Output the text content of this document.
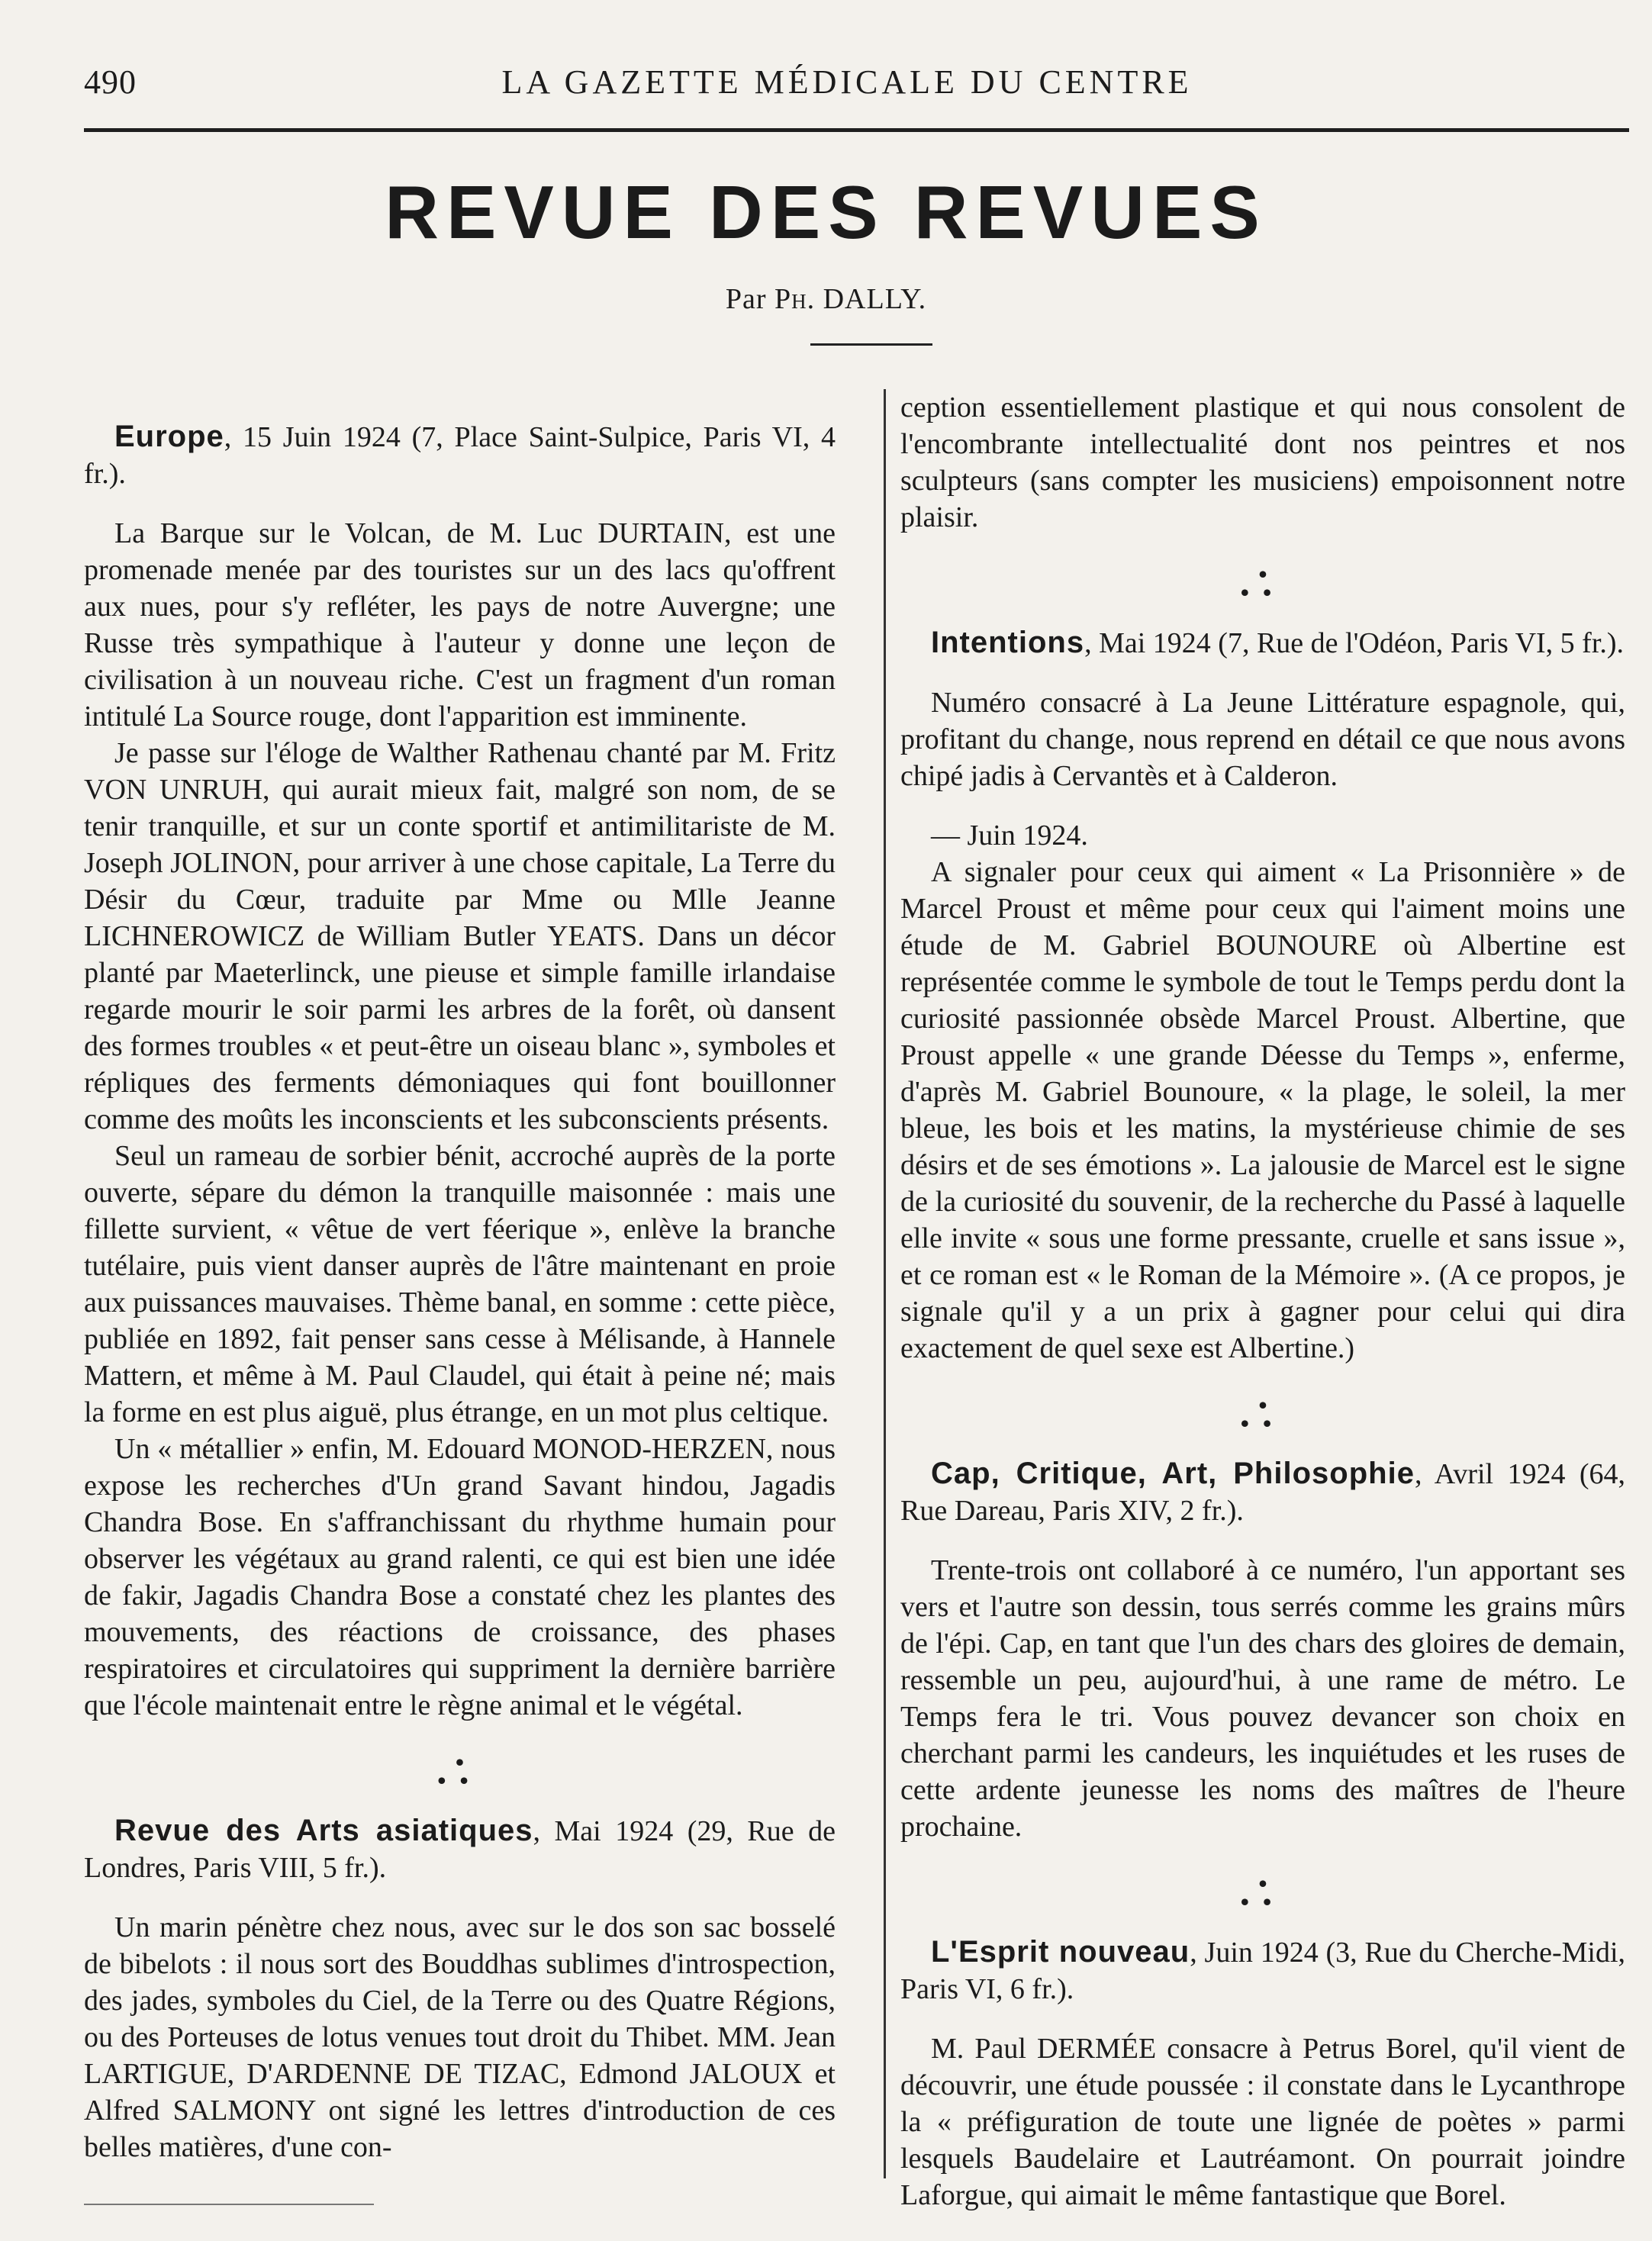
490	LA GAZETTE MÉDICALE DU CENTRE
REVUE DES REVUES
Par Ph. DALLY.

Europe, 15 Juin 1924 (7, Place Saint-Sulpice, Paris VI, 4 fr.).

La Barque sur le Volcan, de M. Luc DURTAIN, est une promenade menée par des touristes sur un des lacs qu'offrent aux nues, pour s'y refléter, les pays de notre Auvergne; une Russe très sympathique à l'auteur y donne une leçon de civilisation à un nouveau riche. C'est un fragment d'un roman intitulé La Source rouge, dont l'apparition est imminente.

Je passe sur l'éloge de Walther Rathenau chanté par M. Fritz VON UNRUH, qui aurait mieux fait, malgré son nom, de se tenir tranquille, et sur un conte sportif et antimilitariste de M. Joseph JOLINON, pour arriver à une chose capitale, La Terre du Désir du Cœur, traduite par Mme ou Mlle Jeanne LICHNEROWICZ de William Butler YEATS. Dans un décor planté par Maeterlinck, une pieuse et simple famille irlandaise regarde mourir le soir parmi les arbres de la forêt, où dansent des formes troubles « et peut-être un oiseau blanc », symboles et répliques des ferments démoniaques qui font bouillonner comme des moûts les inconscients et les subconscients présents.

Seul un rameau de sorbier bénit, accroché auprès de la porte ouverte, sépare du démon la tranquille maisonnée : mais une fillette survient, « vêtue de vert féerique », enlève la branche tutélaire, puis vient danser auprès de l'âtre maintenant en proie aux puissances mauvaises. Thème banal, en somme : cette pièce, publiée en 1892, fait penser sans cesse à Mélisande, à Hannele Mattern, et même à M. Paul Claudel, qui était à peine né; mais la forme en est plus aiguë, plus étrange, en un mot plus celtique.

Un « métallier » enfin, M. Edouard MONOD-HERZEN, nous expose les recherches d'Un grand Savant hindou, Jagadis Chandra Bose. En s'affranchissant du rhythme humain pour observer les végétaux au grand ralenti, ce qui est bien une idée de fakir, Jagadis Chandra Bose a constaté chez les plantes des mouvements, des réactions de croissance, des phases respiratoires et circulatoires qui suppriment la dernière barrière que l'école maintenait entre le règne animal et le végétal.

•
••

Revue des Arts asiatiques, Mai 1924 (29, Rue de Londres, Paris VIII, 5 fr.).

Un marin pénètre chez nous, avec sur le dos son sac bosselé de bibelots : il nous sort des Bouddhas sublimes d'introspection, des jades, symboles du Ciel, de la Terre ou des Quatre Régions, ou des Porteuses de lotus venues tout droit du Thibet. MM. Jean LARTIGUE, D'ARDENNE DE TIZAC, Edmond JALOUX et Alfred SALMONY ont signé les lettres d'introduction de ces belles matières, d'une con-

ception essentiellement plastique et qui nous consolent de l'encombrante intellectualité dont nos peintres et nos sculpteurs (sans compter les musiciens) empoisonnent notre plaisir.

•
••

Intentions, Mai 1924 (7, Rue de l'Odéon, Paris VI, 5 fr.).

Numéro consacré à La Jeune Littérature espagnole, qui, profitant du change, nous reprend en détail ce que nous avons chipé jadis à Cervantès et à Calderon.

— Juin 1924.

A signaler pour ceux qui aiment « La Prisonnière » de Marcel Proust et même pour ceux qui l'aiment moins une étude de M. Gabriel BOUNOURE où Albertine est représentée comme le symbole de tout le Temps perdu dont la curiosité passionnée obsède Marcel Proust. Albertine, que Proust appelle « une grande Déesse du Temps », enferme, d'après M. Gabriel Bounoure, « la plage, le soleil, la mer bleue, les bois et les matins, la mystérieuse chimie de ses désirs et de ses émotions ». La jalousie de Marcel est le signe de la curiosité du souvenir, de la recherche du Passé à laquelle elle invite « sous une forme pressante, cruelle et sans issue », et ce roman est « le Roman de la Mémoire ». (A ce propos, je signale qu'il y a un prix à gagner pour celui qui dira exactement de quel sexe est Albertine.)

•
••

Cap, Critique, Art, Philosophie, Avril 1924 (64, Rue Dareau, Paris XIV, 2 fr.).

Trente-trois ont collaboré à ce numéro, l'un apportant ses vers et l'autre son dessin, tous serrés comme les grains mûrs de l'épi. Cap, en tant que l'un des chars des gloires de demain, ressemble un peu, aujourd'hui, à une rame de métro. Le Temps fera le tri. Vous pouvez devancer son choix en cherchant parmi les candeurs, les inquiétudes et les ruses de cette ardente jeunesse les noms des maîtres de l'heure prochaine.

•
••

L'Esprit nouveau, Juin 1924 (3, Rue du Cherche-Midi, Paris VI, 6 fr.).

M. Paul DERMÉE consacre à Petrus Borel, qu'il vient de découvrir, une étude poussée : il constate dans le Lycanthrope la « préfiguration de toute une lignée de poètes » parmi lesquels Baudelaire et Lautréamont. On pourrait joindre Laforgue, qui aimait le même fantastique que Borel.
